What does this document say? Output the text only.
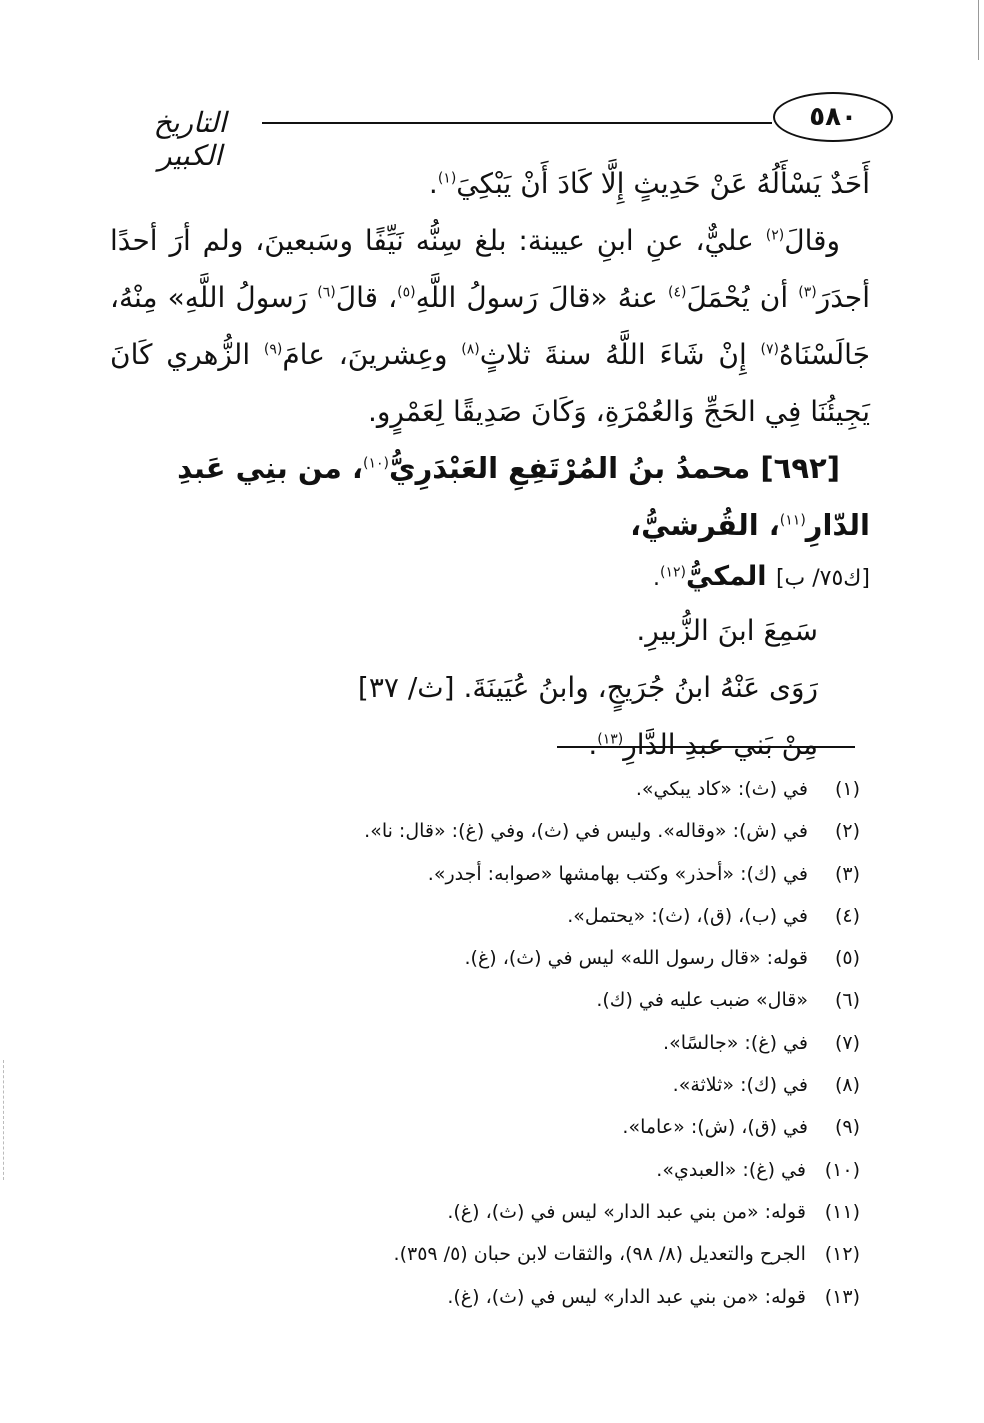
٥٨٠
التاريخ الكبير

أَحَدٌ يَسْأَلُهُ عَنْ حَدِيثٍ إِلَّا كَادَ أَنْ يَبْكِيَ$^{(١)}$.

وقالَ$^{(٢)}$ عليٌّ، عنِ ابنِ عيينة: بلغ سِنُّه نَيِّفًا وسَبعينَ، ولم أرَ أحدًا أجدَرَ$^{(٣)}$ أن يُحْمَلَ$^{(٤)}$ عنهُ «قالَ رَسولُ اللَّهِ$^{(٥)}$، قالَ$^{(٦)}$ رَسولُ اللَّهِ» مِنْهُ، جَالَسْنَاهُ$^{(٧)}$ إِنْ شَاءَ اللَّهُ سنةَ ثلاثٍ$^{(٨)}$ وعِشرينَ، عامَ$^{(٩)}$ الزُّهري كَانَ يَجِيئُنَا فِي الحَجِّ وَالعُمْرَةِ، وَكَانَ صَدِيقًا لِعَمْرٍو.

[٦٩٢] محمدُ بنُ المُرْتَفِعِ العَبْدَرِيُّ$^{(١٠)}$، من بنِي عَبدِ الدّارِ$^{(١١)}$، القُرشيُّ،

[ك٧٥/ ب] المكيُّ$^{(١٢)}$.

سَمِعَ ابنَ الزُّبيرِ.

رَوَى عَنْهُ ابنُ جُرَيجٍ، وابنُ عُيَينَةَ. [ث/ ٣٧]

مِنْ بَني عبدِ الدَّارِ$^{(١٣)}$.

(١) في (ث): «كاد يبكي».
(٢) في (ش): «وقاله». وليس في (ث)، وفي (غ): «قال: نا».
(٣) في (ك): «أحذر» وكتب بهامشها «صوابه: أجدر».
(٤) في (ب)، (ق)، (ث): «يحتمل».
(٥) قوله: «قال رسول الله» ليس في (ث)، (غ).
(٦) «قال» ضبب عليه في (ك).
(٧) في (غ): «جالسًا».
(٨) في (ك): «ثلاثة».
(٩) في (ق)، (ش): «عاما».
(١٠) في (غ): «العبدي».
(١١) قوله: «من بني عبد الدار» ليس في (ث)، (غ).
(١٢) الجرح والتعديل (٨/ ٩٨)، والثقات لابن حبان (٥/ ٣٥٩).
(١٣) قوله: «من بني عبد الدار» ليس في (ث)، (غ).
